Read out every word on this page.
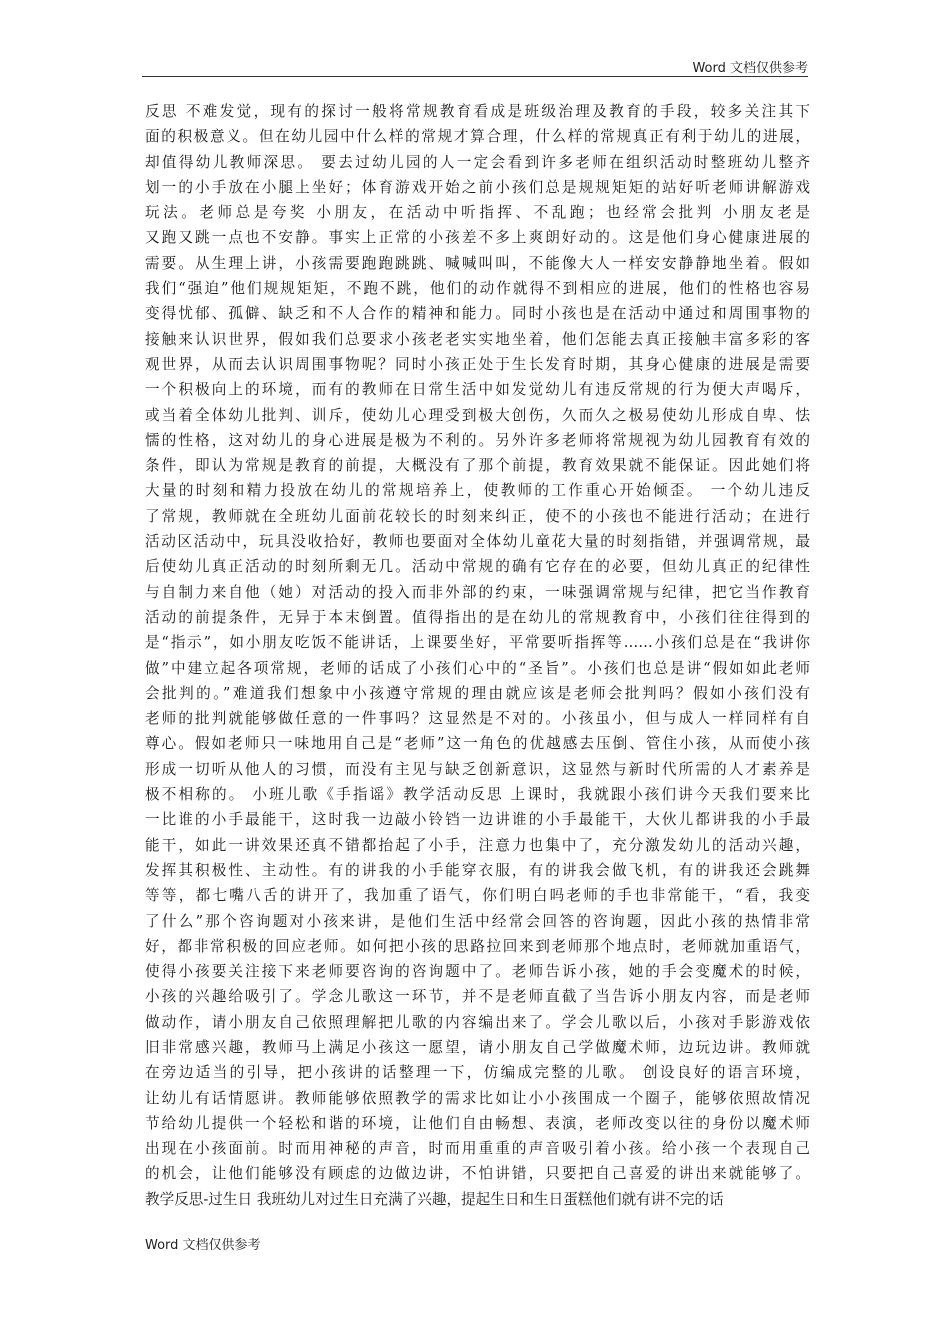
Word 文档仅供参考
反思 不难发觉，现有的探讨一般将常规教育看成是班级治理及教育的手段，较多关注其下
面的积极意义。但在幼儿园中什么样的常规才算合理，什么样的常规真正有利于幼儿的进展，
却值得幼儿教师深思。 要去过幼儿园的人一定会看到许多老师在组织活动时整班幼儿整齐
划一的小手放在小腿上坐好；体育游戏开始之前小孩们总是规规矩矩的站好听老师讲解游戏
玩法。老师总是夸奖 小朋友，在活动中听指挥、不乱跑；也经常会批判 小朋友老是
又跑又跳一点也不安静。事实上正常的小孩差不多上爽朗好动的。这是他们身心健康进展的
需要。从生理上讲，小孩需要跑跑跳跳、喊喊叫叫，不能像大人一样安安静静地坐着。假如
我们“强迫”他们规规矩矩，不跑不跳，他们的动作就得不到相应的进展，他们的性格也容易
变得忧郁、孤僻、缺乏和不人合作的精神和能力。同时小孩也是在活动中通过和周围事物的
接触来认识世界，假如我们总要求小孩老老实实地坐着，他们怎能去真正接触丰富多彩的客
观世界，从而去认识周围事物呢？同时小孩正处于生长发育时期，其身心健康的进展是需要
一个积极向上的环境，而有的教师在日常生活中如发觉幼儿有违反常规的行为便大声喝斥，
或当着全体幼儿批判、训斥，使幼儿心理受到极大创伤，久而久之极易使幼儿形成自卑、怯
懦的性格，这对幼儿的身心进展是极为不利的。另外许多老师将常规视为幼儿园教育有效的
条件，即认为常规是教育的前提，大概没有了那个前提，教育效果就不能保证。因此她们将
大量的时刻和精力投放在幼儿的常规培养上，使教师的工作重心开始倾歪。 一个幼儿违反
了常规，教师就在全班幼儿面前花较长的时刻来纠正，使不的小孩也不能进行活动；在进行
活动区活动中，玩具没收拾好，教师也要面对全体幼儿童花大量的时刻指错，并强调常规，最
后使幼儿真正活动的时刻所剩无几。活动中常规的确有它存在的必要，但幼儿真正的纪律性
与自制力来自他（她）对活动的投入而非外部的约束，一味强调常规与纪律，把它当作教育
活动的前提条件，无异于本末倒置。值得指出的是在幼儿的常规教育中，小孩们往往得到的
是“指示”，如小朋友吃饭不能讲话，上课要坐好，平常要听指挥等……小孩们总是在“我讲你
做”中建立起各项常规，老师的话成了小孩们心中的“圣旨”。小孩们也总是讲“假如如此老师
会批判的。”难道我们想象中小孩遵守常规的理由就应该是老师会批判吗？假如小孩们没有
老师的批判就能够做任意的一件事吗？这显然是不对的。小孩虽小，但与成人一样同样有自
尊心。假如老师只一味地用自己是“老师”这一角色的优越感去压倒、管住小孩，从而使小孩
形成一切听从他人的习惯，而没有主见与缺乏创新意识，这显然与新时代所需的人才素养是
极不相称的。 小班儿歌《手指谣》教学活动反思 上课时，我就跟小孩们讲今天我们要来比
一比谁的小手最能干，这时我一边敲小铃铛一边讲谁的小手最能干，大伙儿都讲我的小手最
能干，如此一讲效果还真不错都抬起了小手，注意力也集中了，充分激发幼儿的活动兴趣，
发挥其积极性、主动性。有的讲我的小手能穿衣服，有的讲我会做飞机，有的讲我还会跳舞
等等，都七嘴八舌的讲开了，我加重了语气，你们明白吗老师的手也非常能干，“看，我变
了什么”那个咨询题对小孩来讲，是他们生活中经常会回答的咨询题，因此小孩的热情非常
好，都非常积极的回应老师。如何把小孩的思路拉回来到老师那个地点时，老师就加重语气，
使得小孩要关注接下来老师要咨询的咨询题中了。老师告诉小孩，她的手会变魔术的时候，
小孩的兴趣给吸引了。学念儿歌这一环节，并不是老师直截了当告诉小朋友内容，而是老师
做动作，请小朋友自己依照理解把儿歌的内容编出来了。学会儿歌以后，小孩对手影游戏依
旧非常感兴趣，教师马上满足小孩这一愿望，请小朋友自己学做魔术师，边玩边讲。教师就
在旁边适当的引导，把小孩讲的话整理一下，仿编成完整的儿歌。 创设良好的语言环境，
让幼儿有话情愿讲。教师能够依照教学的需求比如让小小孩围成一个圈子，能够依照故情况
节给幼儿提供一个轻松和谐的环境，让他们自由畅想、表演，老师改变以往的身份以魔术师
出现在小孩面前。时而用神秘的声音，时而用重重的声音吸引着小孩。给小孩一个表现自己
的机会，让他们能够没有顾虑的边做边讲，不怕讲错，只要把自己喜爱的讲出来就能够了。
教学反思-过生日 我班幼儿对过生日充满了兴趣，提起生日和生日蛋糕他们就有讲不完的话
Word 文档仅供参考
